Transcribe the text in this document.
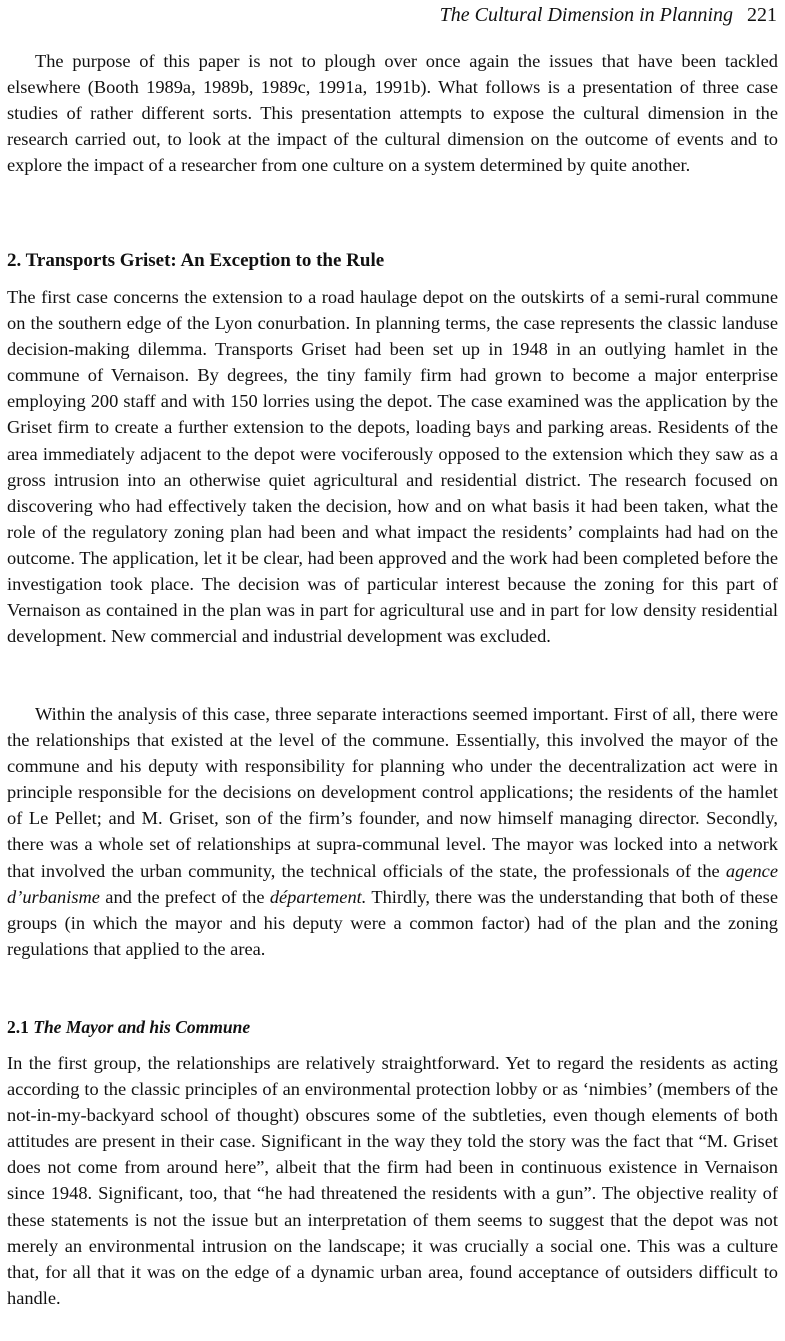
The Cultural Dimension in Planning 221

The purpose of this paper is not to plough over once again the issues that have been tackled elsewhere (Booth 1989a, 1989b, 1989c, 1991a, 1991b). What follows is a presentation of three case studies of rather different sorts. This presentation attempts to expose the cultural dimension in the research carried out, to look at the impact of the cultural dimension on the outcome of events and to explore the impact of a researcher from one culture on a system determined by quite another.

2. Transports Griset: An Exception to the Rule

The first case concerns the extension to a road haulage depot on the outskirts of a semi-rural commune on the southern edge of the Lyon conurbation. In planning terms, the case represents the classic landuse decision-making dilemma. Transports Griset had been set up in 1948 in an outlying hamlet in the commune of Vernaison. By degrees, the tiny family firm had grown to become a major enterprise employing 200 staff and with 150 lorries using the depot. The case examined was the application by the Griset firm to create a further extension to the depots, loading bays and parking areas. Residents of the area immediately adjacent to the depot were vociferously opposed to the extension which they saw as a gross intrusion into an otherwise quiet agricultural and residential district. The research focused on discovering who had effectively taken the decision, how and on what basis it had been taken, what the role of the regulatory zoning plan had been and what impact the residents’ complaints had had on the outcome. The application, let it be clear, had been approved and the work had been completed before the investigation took place. The decision was of particular interest because the zoning for this part of Vernaison as contained in the plan was in part for agricultural use and in part for low density residential development. New commercial and industrial development was excluded.

Within the analysis of this case, three separate interactions seemed important. First of all, there were the relationships that existed at the level of the commune. Essentially, this involved the mayor of the commune and his deputy with responsibility for planning who under the decentralization act were in principle responsible for the decisions on development control applications; the residents of the hamlet of Le Pellet; and M. Griset, son of the firm’s founder, and now himself managing director. Secondly, there was a whole set of relationships at supra-communal level. The mayor was locked into a network that involved the urban community, the technical officials of the state, the professionals of the agence d’urbanisme and the prefect of the département. Thirdly, there was the understanding that both of these groups (in which the mayor and his deputy were a common factor) had of the plan and the zoning regulations that applied to the area.

2.1 The Mayor and his Commune

In the first group, the relationships are relatively straightforward. Yet to regard the residents as acting according to the classic principles of an environmental protection lobby or as ‘nimbies’ (members of the not-in-my-backyard school of thought) obscures some of the subtleties, even though elements of both attitudes are present in their case. Significant in the way they told the story was the fact that “M. Griset does not come from around here”, albeit that the firm had been in continuous existence in Vernaison since 1948. Significant, too, that “he had threatened the residents with a gun”. The objective reality of these statements is not the issue but an interpretation of them seems to suggest that the depot was not merely an environmental intrusion on the landscape; it was crucially a social one. This was a culture that, for all that it was on the edge of a dynamic urban area, found acceptance of outsiders difficult to handle.
